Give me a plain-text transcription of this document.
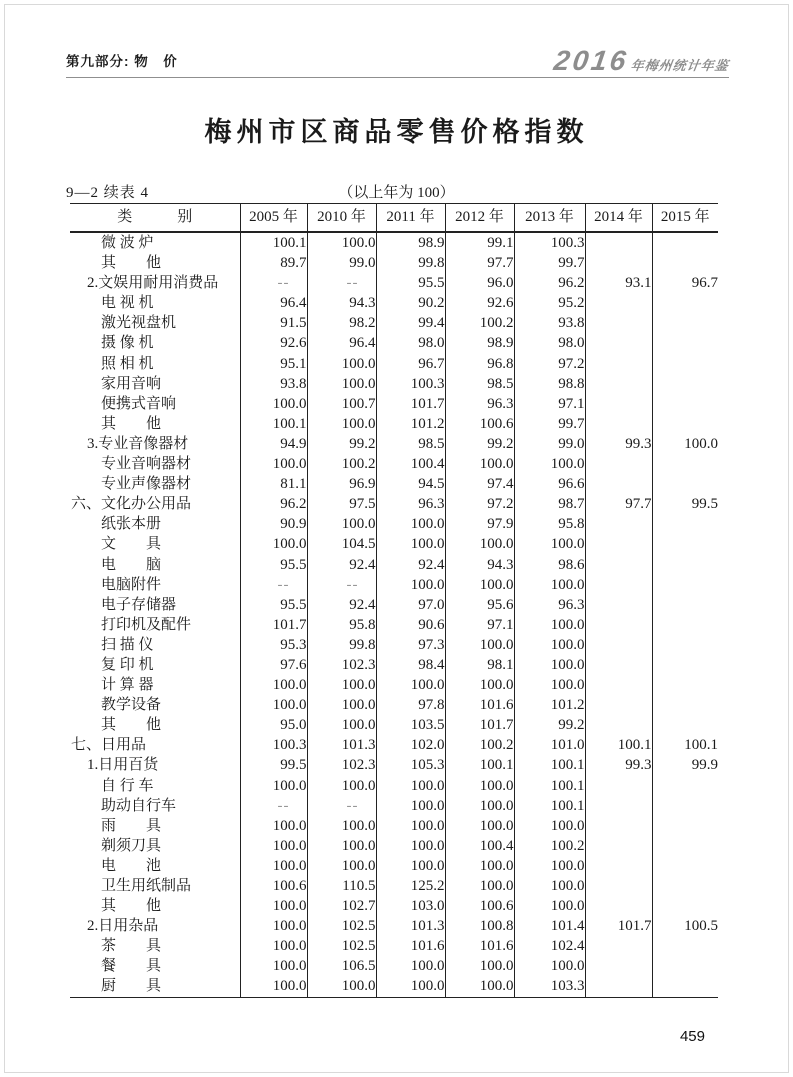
第九部分: 物　价	2016 年梅州统计年鉴
梅州市区商品零售价格指数
9—2 续表 4	（以上年为 100）
类　　　别	2005 年	2010 年	2011 年	2012 年	2013 年	2014 年	2015 年
微 波 炉	100.1	100.0	98.9	99.1	100.3		
其　　他	89.7	99.0	99.8	97.7	99.7		
2.文娱用耐用消费品	--	--	95.5	96.0	96.2	93.1	96.7
电 视 机	96.4	94.3	90.2	92.6	95.2		
激光视盘机	91.5	98.2	99.4	100.2	93.8		
摄 像 机	92.6	96.4	98.0	98.9	98.0		
照 相 机	95.1	100.0	96.7	96.8	97.2		
家用音响	93.8	100.0	100.3	98.5	98.8		
便携式音响	100.0	100.7	101.7	96.3	97.1		
其　　他	100.1	100.0	101.2	100.6	99.7		
3.专业音像器材	94.9	99.2	98.5	99.2	99.0	99.3	100.0
专业音响器材	100.0	100.2	100.4	100.0	100.0		
专业声像器材	81.1	96.9	94.5	97.4	96.6		
六、文化办公用品	96.2	97.5	96.3	97.2	98.7	97.7	99.5
纸张本册	90.9	100.0	100.0	97.9	95.8		
文　　具	100.0	104.5	100.0	100.0	100.0		
电　　脑	95.5	92.4	92.4	94.3	98.6		
电脑附件	--	--	100.0	100.0	100.0		
电子存储器	95.5	92.4	97.0	95.6	96.3		
打印机及配件	101.7	95.8	90.6	97.1	100.0		
扫 描 仪	95.3	99.8	97.3	100.0	100.0		
复 印 机	97.6	102.3	98.4	98.1	100.0		
计 算 器	100.0	100.0	100.0	100.0	100.0		
教学设备	100.0	100.0	97.8	101.6	101.2		
其　　他	95.0	100.0	103.5	101.7	99.2		
七、日用品	100.3	101.3	102.0	100.2	101.0	100.1	100.1
1.日用百货	99.5	102.3	105.3	100.1	100.1	99.3	99.9
自 行 车	100.0	100.0	100.0	100.0	100.1		
助动自行车	--	--	100.0	100.0	100.1		
雨　　具	100.0	100.0	100.0	100.0	100.0		
剃须刀具	100.0	100.0	100.0	100.4	100.2		
电　　池	100.0	100.0	100.0	100.0	100.0		
卫生用纸制品	100.6	110.5	125.2	100.0	100.0		
其　　他	100.0	102.7	103.0	100.6	100.0		
2.日用杂品	100.0	102.5	101.3	100.8	101.4	101.7	100.5
茶　　具	100.0	102.5	101.6	101.6	102.4		
餐　　具	100.0	106.5	100.0	100.0	100.0		
厨　　具	100.0	100.0	100.0	100.0	103.3		
459
